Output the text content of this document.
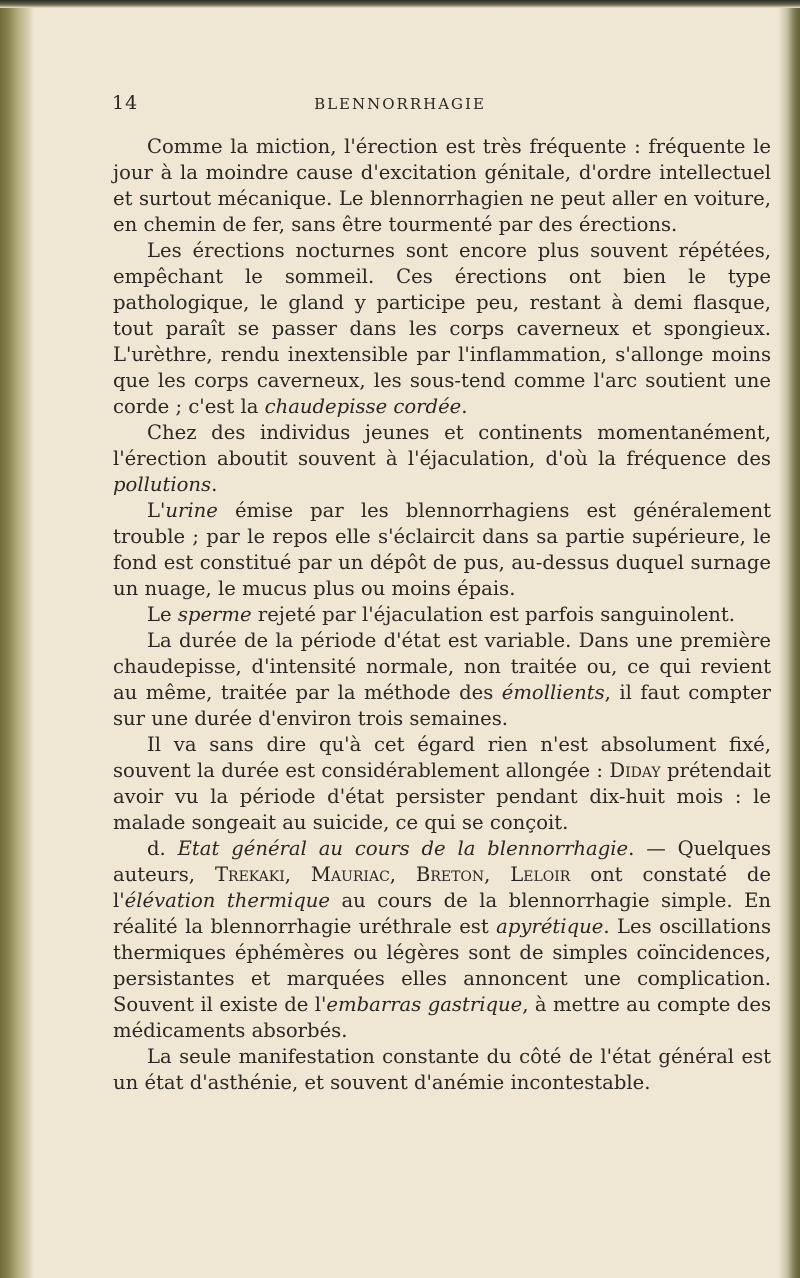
14	BLENNORRHAGIE

Comme la miction, l'érection est très fréquente : fréquente le jour à la moindre cause d'excitation génitale, d'ordre intellectuel et surtout mécanique. Le blennorrhagien ne peut aller en voiture, en chemin de fer, sans être tourmenté par des érections.

Les érections nocturnes sont encore plus souvent répétées, empêchant le sommeil. Ces érections ont bien le type pathologique, le gland y participe peu, restant à demi flasque, tout paraît se passer dans les corps caverneux et spongieux. L'urèthre, rendu inextensible par l'inflammation, s'allonge moins que les corps caverneux, les sous-tend comme l'arc soutient une corde ; c'est la chaudepisse cordée.

Chez des individus jeunes et continents momentanément, l'érection aboutit souvent à l'éjaculation, d'où la fréquence des pollutions.

L'urine émise par les blennorrhagiens est généralement trouble ; par le repos elle s'éclaircit dans sa partie supérieure, le fond est constitué par un dépôt de pus, au-dessus duquel surnage un nuage, le mucus plus ou moins épais.

Le sperme rejeté par l'éjaculation est parfois sanguinolent.

La durée de la période d'état est variable. Dans une première chaudepisse, d'intensité normale, non traitée ou, ce qui revient au même, traitée par la méthode des émollients, il faut compter sur une durée d'environ trois semaines.

Il va sans dire qu'à cet égard rien n'est absolument fixé, souvent la durée est considérablement allongée : Diday prétendait avoir vu la période d'état persister pendant dix-huit mois : le malade songeait au suicide, ce qui se conçoit.

d. Etat général au cours de la blennorrhagie. — Quelques auteurs, Trekaki, Mauriac, Breton, Leloir ont constaté de l'élévation thermique au cours de la blennorrhagie simple. En réalité la blennorrhagie uréthrale est apyrétique. Les oscillations thermiques éphémères ou légères sont de simples coïncidences, persistantes et marquées elles annoncent une complication. Souvent il existe de l'embarras gastrique, à mettre au compte des médicaments absorbés.

La seule manifestation constante du côté de l'état général est un état d'asthénie, et souvent d'anémie incontestable.
